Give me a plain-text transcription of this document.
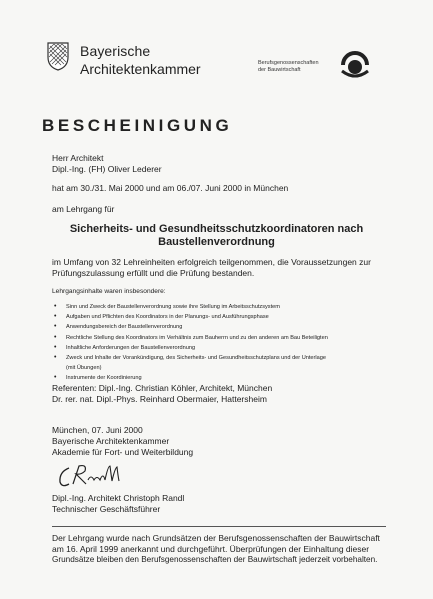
Bayerische
Architektenkammer	Berufsgenossenschaften
der Bauwirtschaft
BESCHEINIGUNG
Herr Architekt
Dipl.-Ing. (FH) Oliver Lederer
hat am 30./31. Mai 2000 und am 06./07. Juni 2000 in München
am Lehrgang für
Sicherheits- und Gesundheitsschutzkoordinatoren nach
Baustellenverordnung
im Umfang von 32 Lehreinheiten erfolgreich teilgenommen, die Voraussetzungen zur
Prüfungszulassung erfüllt und die Prüfung bestanden.
Lehrgangsinhalte waren insbesondere:
• Sinn und Zweck der Baustellenverordnung sowie ihre Stellung im Arbeitsschutzsystem
• Aufgaben und Pflichten des Koordinators in der Planungs- und Ausführungsphase
• Anwendungsbereich der Baustellenverordnung
• Rechtliche Stellung des Koordinators im Verhältnis zum Bauherrn und zu den anderen am Bau Beteiligten
• Inhaltliche Anforderungen der Baustellenverordnung
• Zweck und Inhalte der Vorankündigung, des Sicherheits- und Gesundheitsschutzplans und der Unterlage
(mit Übungen)
• Instrumente der Koordinierung
Referenten: Dipl.-Ing. Christian Köhler, Architekt, München
Dr. rer. nat. Dipl.-Phys. Reinhard Obermaier, Hattersheim
München, 07. Juni 2000
Bayerische Architektenkammer
Akademie für Fort- und Weiterbildung
Dipl.-Ing. Architekt Christoph Randl
Technischer Geschäftsführer
Der Lehrgang wurde nach Grundsätzen der Berufsgenossenschaften der Bauwirtschaft
am 16. April 1999 anerkannt und durchgeführt. Überprüfungen der Einhaltung dieser
Grundsätze bleiben den Berufsgenossenschaften der Bauwirtschaft jederzeit vorbehalten.
